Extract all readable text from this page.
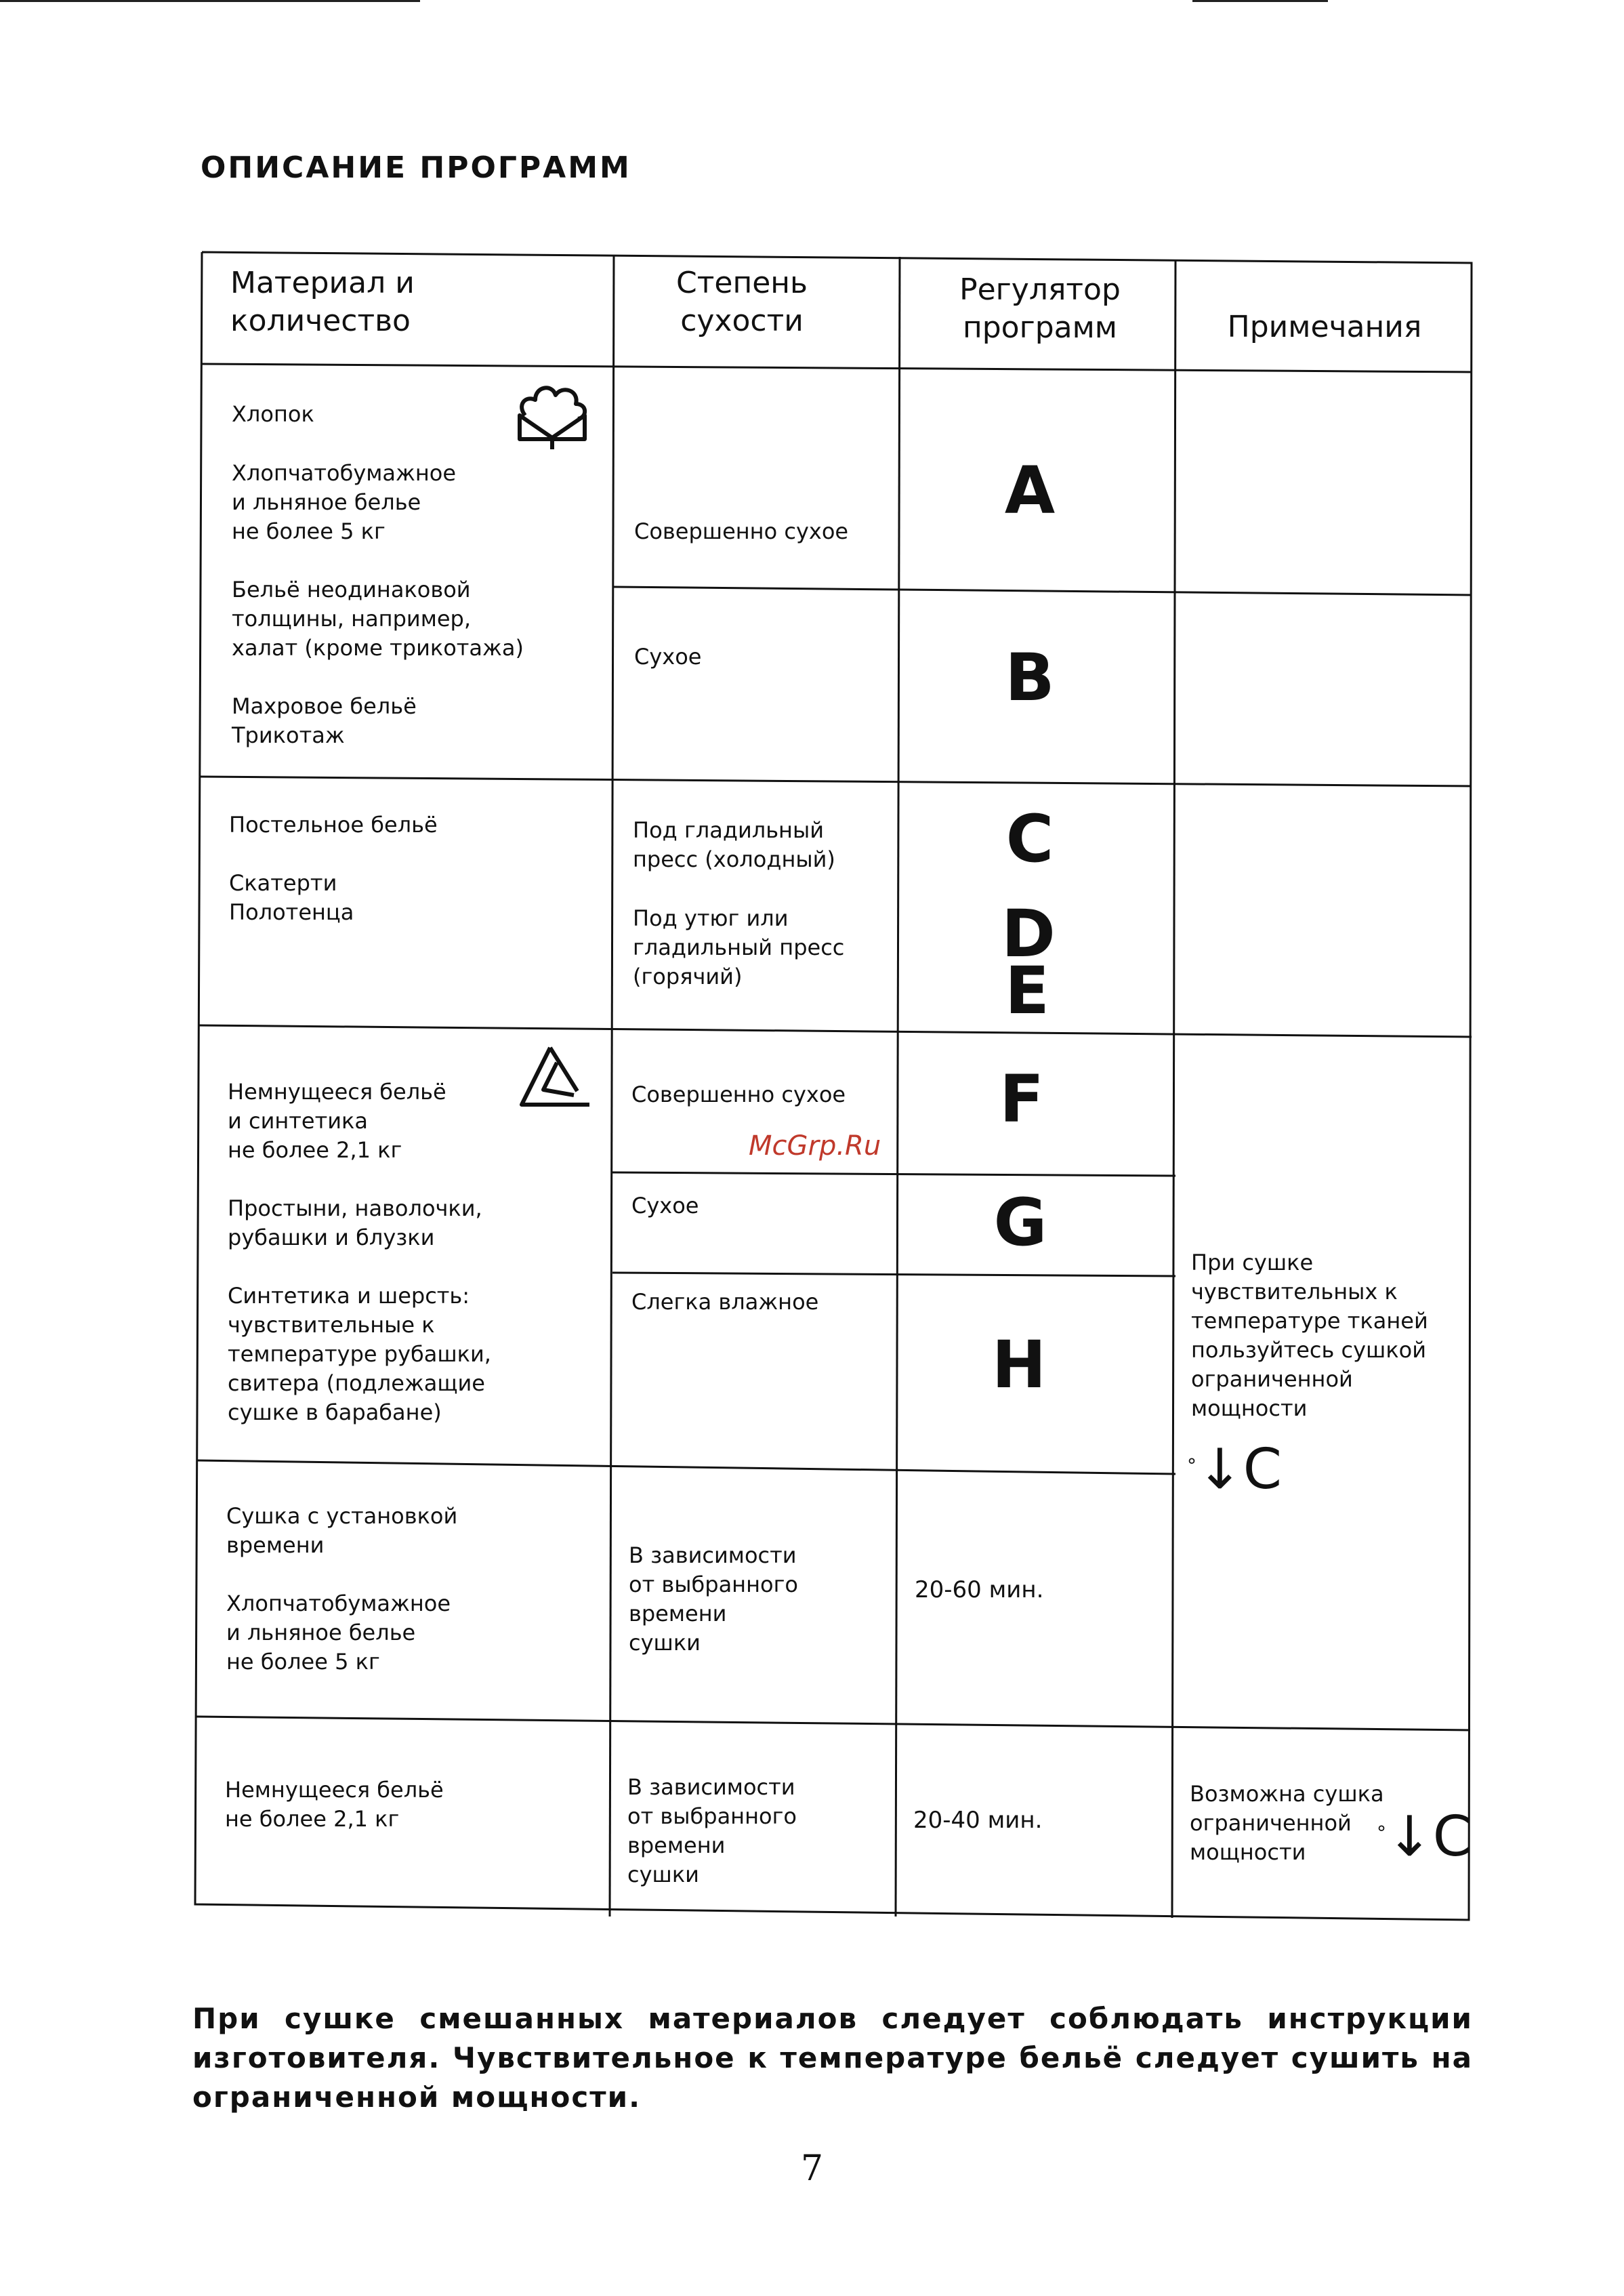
ОПИСАНИЕ ПРОГРАММ
Материал и
количество
Степень
сухости
Регулятор
программ	Примечания
Хлопок
Хлопчатобумажное
и льняное белье
не более 5 кг

Бельё неодинаковой
толщины, например,
халат (кроме трикотажа)

Махровое бельё
Трикотаж
Совершенно сухое
Сухое
A
B
Постельное бельё

Скатерти
Полотенца
Под гладильный
пресс (холодный)
Под утюг или
гладильный пресс
(горячий)
C
D
E
Немнущееся бельё
и синтетика
не более 2,1 кг

Простыни, наволочки,
рубашки и блузки

Синтетика и шерсть:
чувствительные к
температуре рубашки,
свитера (подлежащие
сушке в барабане)
Совершенно сухое
Сухое
Слегка влажное
F
G
H
McGrp.Ru
При сушке
чувствительных к
температуре тканей
пользуйтесь сушкой
ограниченной
мощности
°↓C
Сушка с установкой
времени

Хлопчатобумажное
и льняное белье
не более 5 кг
В зависимости
от выбранного
времени
сушки
20-60 мин.
Немнущееся бельё
не более 2,1 кг
В зависимости
от выбранного
времени
сушки
20-40 мин.
Возможна сушка
ограниченной
мощности
°↓C
При сушке смешанных материалов следует соблюдать инструкции изготовителя. Чувствительное к температуре бельё следует сушить на ограниченной мощности.
7
